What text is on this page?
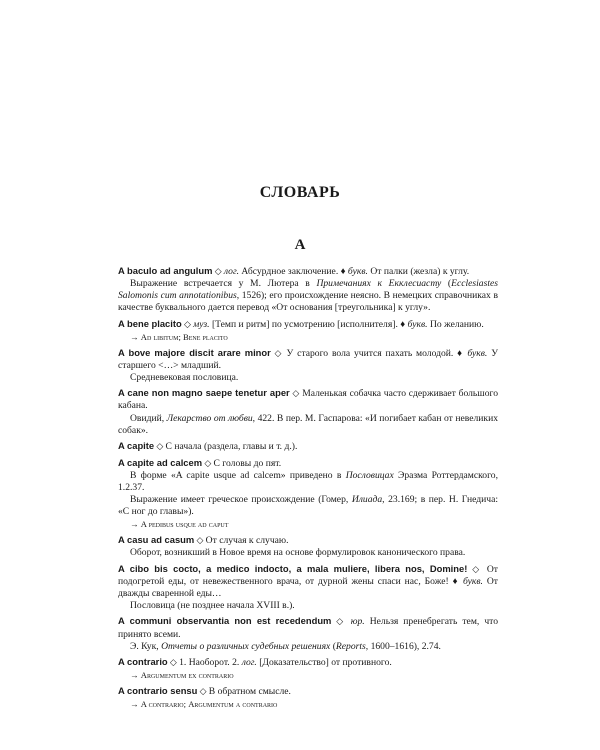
СЛОВАРЬ
А

A baculo ad angulum ◇ лог. Абсурдное заключение. ♦ букв. От палки (жезла) к углу.

Выражение встречается у М. Лютера в Примечаниях к Екклесиасту (Ecclesiastes Salomonis cum annotationibus, 1526); его происхождение неясно. В немецких справочниках в качестве буквального дается перевод «От основания [треугольника] к углу».

A bene placito ◇ муз. [Темп и ритм] по усмотрению [исполнителя]. ♦ букв. По желанию.

→ Ad libitum; Bene placito

A bove majore discit arare minor ◇ У старого вола учится пахать молодой. ♦ букв. У старшего <…> младший.

Средневековая пословица.

A cane non magno saepe tenetur aper ◇ Маленькая собачка часто сдерживает большого кабана.

Овидий, Лекарство от любви, 422. В пер. М. Гаспарова: «И погибает кабан от невеликих собак».

A capite ◇ С начала (раздела, главы и т. д.).

A capite ad calcem ◇ С головы до пят.

В форме «A capite usque ad calcem» приведено в Пословицах Эразма Роттердамского, 1.2.37.

Выражение имеет греческое происхождение (Гомер, Илиада, 23.169; в пер. Н. Гнедича: «С ног до главы»).

→ A pedibus usque ad caput

A casu ad casum ◇ От случая к случаю.

Оборот, возникший в Новое время на основе формулировок канонического права.

A cibo bis cocto, a medico indocto, a mala muliere, libera nos, Domine! ◇ От подогретой еды, от невежественного врача, от дурной жены спаси нас, Боже! ♦ букв. От дважды сваренной еды…

Пословица (не позднее начала XVIII в.).

A communi observantia non est recedendum ◇ юр. Нельзя пренебрегать тем, что принято всеми.

Э. Кук, Отчеты о различных судебных решениях (Reports, 1600–1616), 2.74.

A contrario ◇ 1. Наоборот. 2. лог. [Доказательство] от противного.

→ Argumentum ex contrario

A contrario sensu ◇ В обратном смысле.

→ A contrario; Argumentum a contrario
